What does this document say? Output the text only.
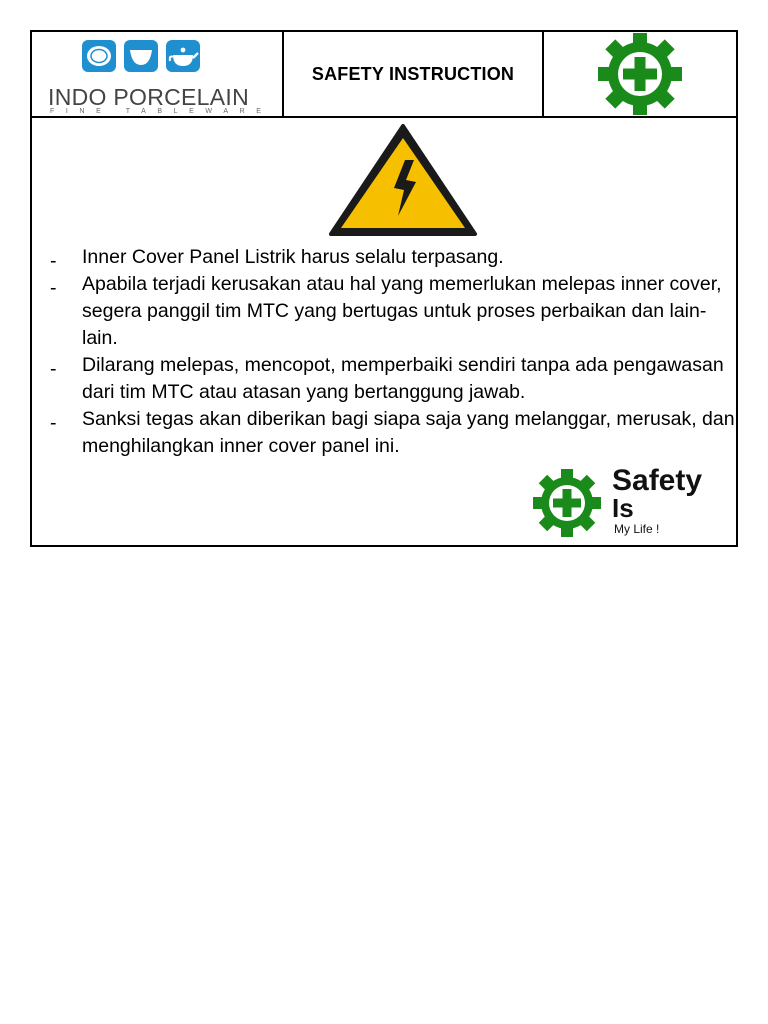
INDO PORCELAIN
FINE TABLEWARE
SAFETY INSTRUCTION
- Inner Cover Panel Listrik harus selalu terpasang.
- Apabila terjadi kerusakan atau hal yang memerlukan melepas inner cover, segera panggil tim MTC yang bertugas untuk proses perbaikan dan lain-lain.
- Dilarang melepas, mencopot, memperbaiki sendiri tanpa ada pengawasan dari tim MTC atau atasan yang bertanggung jawab.
- Sanksi tegas akan diberikan bagi siapa saja yang melanggar, merusak, dan menghilangkan inner cover panel ini.
Safety
Is
My Life !
